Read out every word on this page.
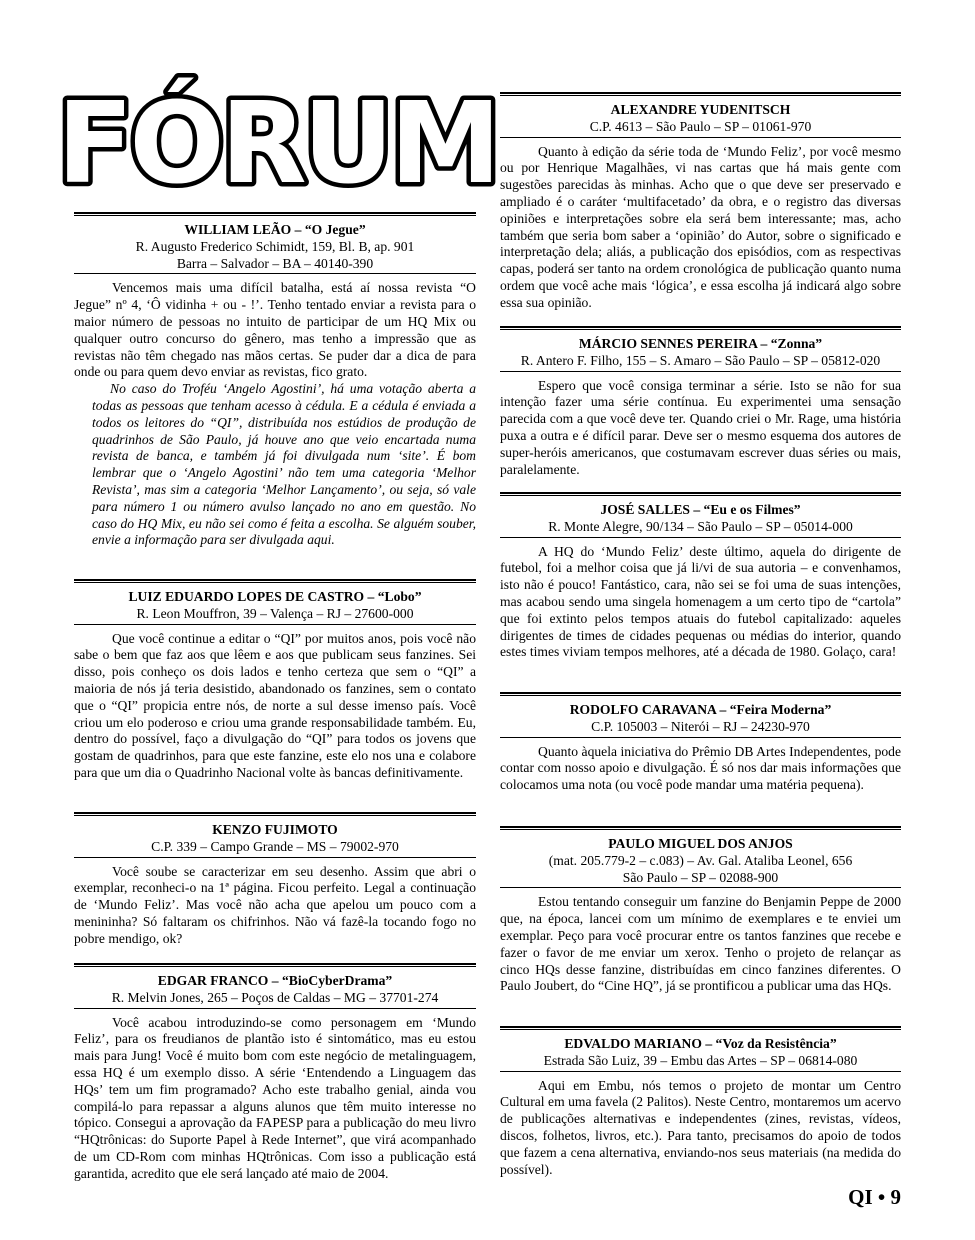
FÓRUM
WILLIAM LEÃO – “O Jegue”
R. Augusto Frederico Schimidt, 159, Bl. B, ap. 901
Barra – Salvador – BA – 40140-390

Vencemos mais uma difícil batalha, está aí nossa revista “O Jegue” nº 4, ‘Ô vidinha + ou - !’. Tenho tentado enviar a revista para o maior número de pessoas no intuito de participar de um HQ Mix ou qualquer outro concurso do gênero, mas tenho a impressão que as revistas não têm chegado nas mãos certas. Se puder dar a dica de para onde ou para quem devo enviar as revistas, fico grato.

No caso do Troféu ‘Angelo Agostini’, há uma votação aberta a todas as pessoas que tenham acesso à cédula. E a cédula é enviada a todos os leitores do “QI”, distribuída nos estúdios de produção de quadrinhos de São Paulo, já houve ano que veio encartada numa revista de banca, e também já foi divulgada num ‘site’. É bom lembrar que o ‘Angelo Agostini’ não tem uma categoria ‘Melhor Revista’, mas sim a categoria ‘Melhor Lançamento’, ou seja, só vale para número 1 ou número avulso lançado no ano em questão. No caso do HQ Mix, eu não sei como é feita a escolha. Se alguém souber, envie a informação para ser divulgada aqui.

LUIZ EDUARDO LOPES DE CASTRO – “Lobo”
R. Leon Mouffron, 39 – Valença – RJ – 27600-000

Que você continue a editar o “QI” por muitos anos, pois você não sabe o bem que faz aos que lêem e aos que publicam seus fanzines. Sei disso, pois conheço os dois lados e tenho certeza que sem o “QI” a maioria de nós já teria desistido, abandonado os fanzines, sem o contato que o “QI” propicia entre nós, de norte a sul desse imenso país. Você criou um elo poderoso e criou uma grande responsabilidade também. Eu, dentro do possível, faço a divulgação do “QI” para todos os jovens que gostam de quadrinhos, para que este fanzine, este elo nos una e colabore para que um dia o Quadrinho Nacional volte às bancas definitivamente.

KENZO FUJIMOTO
C.P. 339 – Campo Grande – MS – 79002-970

Você soube se caracterizar em seu desenho. Assim que abri o exemplar, reconheci-o na 1ª página. Ficou perfeito. Legal a continuação de ‘Mundo Feliz’. Mas você não acha que apelou um pouco com a menininha? Só faltaram os chifrinhos. Não vá fazê-la tocando fogo no pobre mendigo, ok?

EDGAR FRANCO – “BioCyberDrama”
R. Melvin Jones, 265 – Poços de Caldas – MG – 37701-274

Você acabou introduzindo-se como personagem em ‘Mundo Feliz’, para os freudianos de plantão isto é sintomático, mas eu estou mais para Jung! Você é muito bom com este negócio de metalinguagem, essa HQ é um exemplo disso. A série ‘Entendendo a Linguagem das HQs’ tem um fim programado? Acho este trabalho genial, ainda vou compilá-lo para repassar a alguns alunos que têm muito interesse no tópico. Consegui a aprovação da FAPESP para a publicação do meu livro “HQtrônicas: do Suporte Papel à Rede Internet”, que virá acompanhado de um CD-Rom com minhas HQtrônicas. Com isso a publicação está garantida, acredito que ele será lançado até maio de 2004.

ALEXANDRE YUDENITSCH
C.P. 4613 – São Paulo – SP – 01061-970

Quanto à edição da série toda de ‘Mundo Feliz’, por você mesmo ou por Henrique Magalhães, vi nas cartas que há mais gente com sugestões parecidas às minhas. Acho que o que deve ser preservado e ampliado é o caráter ‘multifacetado’ da obra, e o registro das diversas opiniões e interpretações sobre ela será bem interessante; mas, acho também que seria bom saber a ‘opinião’ do Autor, sobre o significado e interpretação dela; aliás, a publicação dos episódios, com as respectivas capas, poderá ser tanto na ordem cronológica de publicação quanto numa ordem que você ache mais ‘lógica’, e essa escolha já indicará algo sobre essa sua opinião.

MÁRCIO SENNES PEREIRA – “Zonna”
R. Antero F. Filho, 155 – S. Amaro – São Paulo – SP – 05812-020

Espero que você consiga terminar a série. Isto se não for sua intenção fazer uma série contínua. Eu experimentei uma sensação parecida com a que você deve ter. Quando criei o Mr. Rage, uma história puxa a outra e é difícil parar. Deve ser o mesmo esquema dos autores de super-heróis americanos, que costumavam escrever duas séries ou mais, paralelamente.

JOSÉ SALLES – “Eu e os Filmes”
R. Monte Alegre, 90/134 – São Paulo – SP – 05014-000

A HQ do ‘Mundo Feliz’ deste último, aquela do dirigente de futebol, foi a melhor coisa que já li/vi de sua autoria – e convenhamos, isto não é pouco! Fantástico, cara, não sei se foi uma de suas intenções, mas acabou sendo uma singela homenagem a um certo tipo de “cartola” que foi extinto pelos tempos atuais do futebol capitalizado: aqueles dirigentes de times de cidades pequenas ou médias do interior, quando estes times viviam tempos melhores, até a década de 1980. Golaço, cara!

RODOLFO CARAVANA – “Feira Moderna”
C.P. 105003 – Niterói – RJ – 24230-970

Quanto àquela iniciativa do Prêmio DB Artes Independentes, pode contar com nosso apoio e divulgação. É só nos dar mais informações que colocamos uma nota (ou você pode mandar uma matéria pequena).

PAULO MIGUEL DOS ANJOS
(mat. 205.779-2 – c.083) – Av. Gal. Ataliba Leonel, 656
São Paulo – SP – 02088-900

Estou tentando conseguir um fanzine do Benjamin Peppe de 2000 que, na época, lancei com um mínimo de exemplares e te enviei um exemplar. Peço para você procurar entre os tantos fanzines que recebe e fazer o favor de me enviar um xerox. Tenho o projeto de relançar as cinco HQs desse fanzine, distribuídas em cinco fanzines diferentes. O Paulo Joubert, do “Cine HQ”, já se prontificou a publicar uma das HQs.

EDVALDO MARIANO – “Voz da Resistência”
Estrada São Luiz, 39 – Embu das Artes – SP – 06814-080

Aqui em Embu, nós temos o projeto de montar um Centro Cultural em uma favela (2 Palitos). Neste Centro, montaremos um acervo de publicações alternativas e independentes (zines, revistas, vídeos, discos, folhetos, livros, etc.). Para tanto, precisamos do apoio de todos que fazem a cena alternativa, enviando-nos seus materiais (na medida do possível).

QI • 9
